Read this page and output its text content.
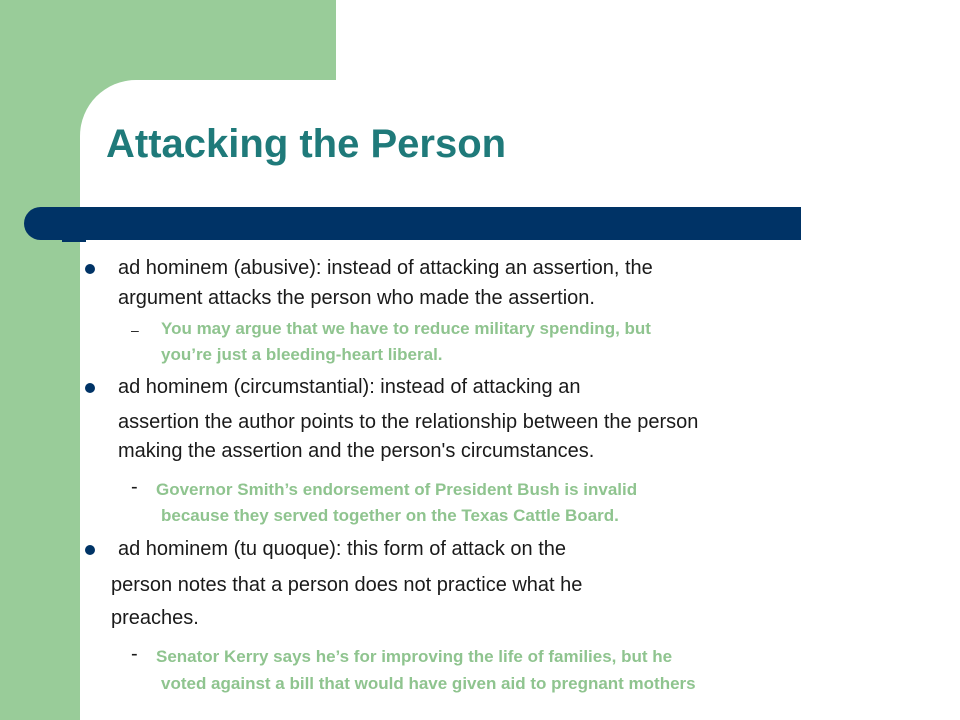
Attacking the Person
ad hominem (abusive): instead of attacking an assertion, the
argument attacks the person who made the assertion.
– You may argue that we have to reduce military spending, but
you’re just a bleeding-heart liberal.
ad hominem (circumstantial): instead of attacking an
assertion the author points to the relationship between the person
making the assertion and the person's circumstances.
- Governor Smith’s endorsement of President Bush is invalid
because they served together on the Texas Cattle Board.
ad hominem (tu quoque): this form of attack on the
person notes that a person does not practice what he
preaches.
- Senator Kerry says he’s for improving the life of families, but he
voted against a bill that would have given aid to pregnant mothers
